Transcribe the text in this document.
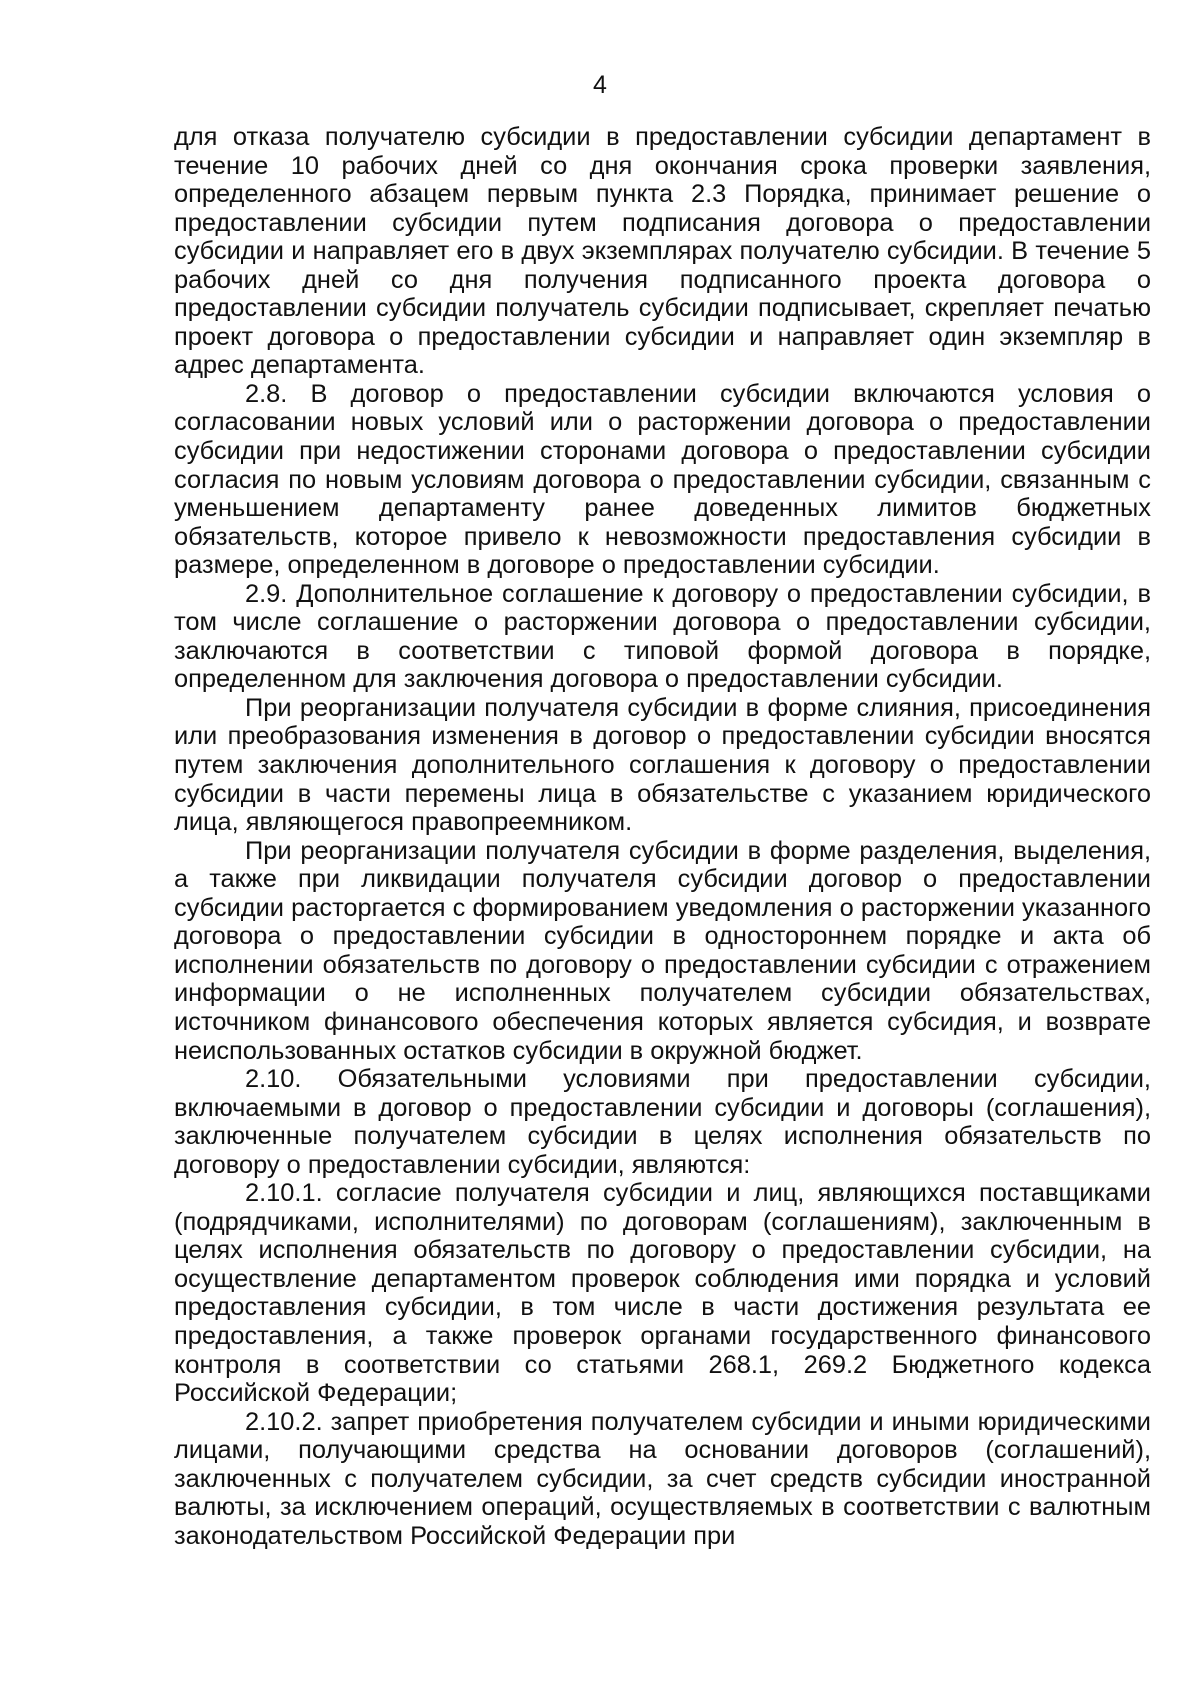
4

для отказа получателю субсидии в предоставлении субсидии департамент в течение 10 рабочих дней со дня окончания срока проверки заявления, определенного абзацем первым пункта 2.3 Порядка, принимает решение о предоставлении субсидии путем подписания договора о предоставлении субсидии и направляет его в двух экземплярах получателю субсидии. В течение 5 рабочих дней со дня получения подписанного проекта договора о предоставлении субсидии получатель субсидии подписывает, скрепляет печатью проект договора о предоставлении субсидии и направляет один экземпляр в адрес департамента.

2.8. В договор о предоставлении субсидии включаются условия о согласовании новых условий или о расторжении договора о предоставлении субсидии при недостижении сторонами договора о предоставлении субсидии согласия по новым условиям договора о предоставлении субсидии, связанным с уменьшением департаменту ранее доведенных лимитов бюджетных обязательств, которое привело к невозможности предоставления субсидии в размере, определенном в договоре о предоставлении субсидии.

2.9. Дополнительное соглашение к договору о предоставлении субсидии, в том числе соглашение о расторжении договора о предоставлении субсидии, заключаются в соответствии с типовой формой договора в порядке, определенном для заключения договора о предоставлении субсидии.

При реорганизации получателя субсидии в форме слияния, присоединения или преобразования изменения в договор о предоставлении субсидии вносятся путем заключения дополнительного соглашения к договору о предоставлении субсидии в части перемены лица в обязательстве с указанием юридического лица, являющегося правопреемником.

При реорганизации получателя субсидии в форме разделения, выделения, а также при ликвидации получателя субсидии договор о предоставлении субсидии расторгается с формированием уведомления о расторжении указанного договора о предоставлении субсидии в одностороннем порядке и акта об исполнении обязательств по договору о предоставлении субсидии с отражением информации о не исполненных получателем субсидии обязательствах, источником финансового обеспечения которых является субсидия, и возврате неиспользованных остатков субсидии в окружной бюджет.

2.10. Обязательными условиями при предоставлении субсидии, включаемыми в договор о предоставлении субсидии и договоры (соглашения), заключенные получателем субсидии в целях исполнения обязательств по договору о предоставлении субсидии, являются:

2.10.1. согласие получателя субсидии и лиц, являющихся поставщиками (подрядчиками, исполнителями) по договорам (соглашениям), заключенным в целях исполнения обязательств по договору о предоставлении субсидии, на осуществление департаментом проверок соблюдения ими порядка и условий предоставления субсидии, в том числе в части достижения результата ее предоставления, а также проверок органами государственного финансового контроля в соответствии со статьями 268.1, 269.2 Бюджетного кодекса Российской Федерации;

2.10.2. запрет приобретения получателем субсидии и иными юридическими лицами, получающими средства на основании договоров (соглашений), заключенных с получателем субсидии, за счет средств субсидии иностранной валюты, за исключением операций, осуществляемых в соответствии с валютным законодательством Российской Федерации при
